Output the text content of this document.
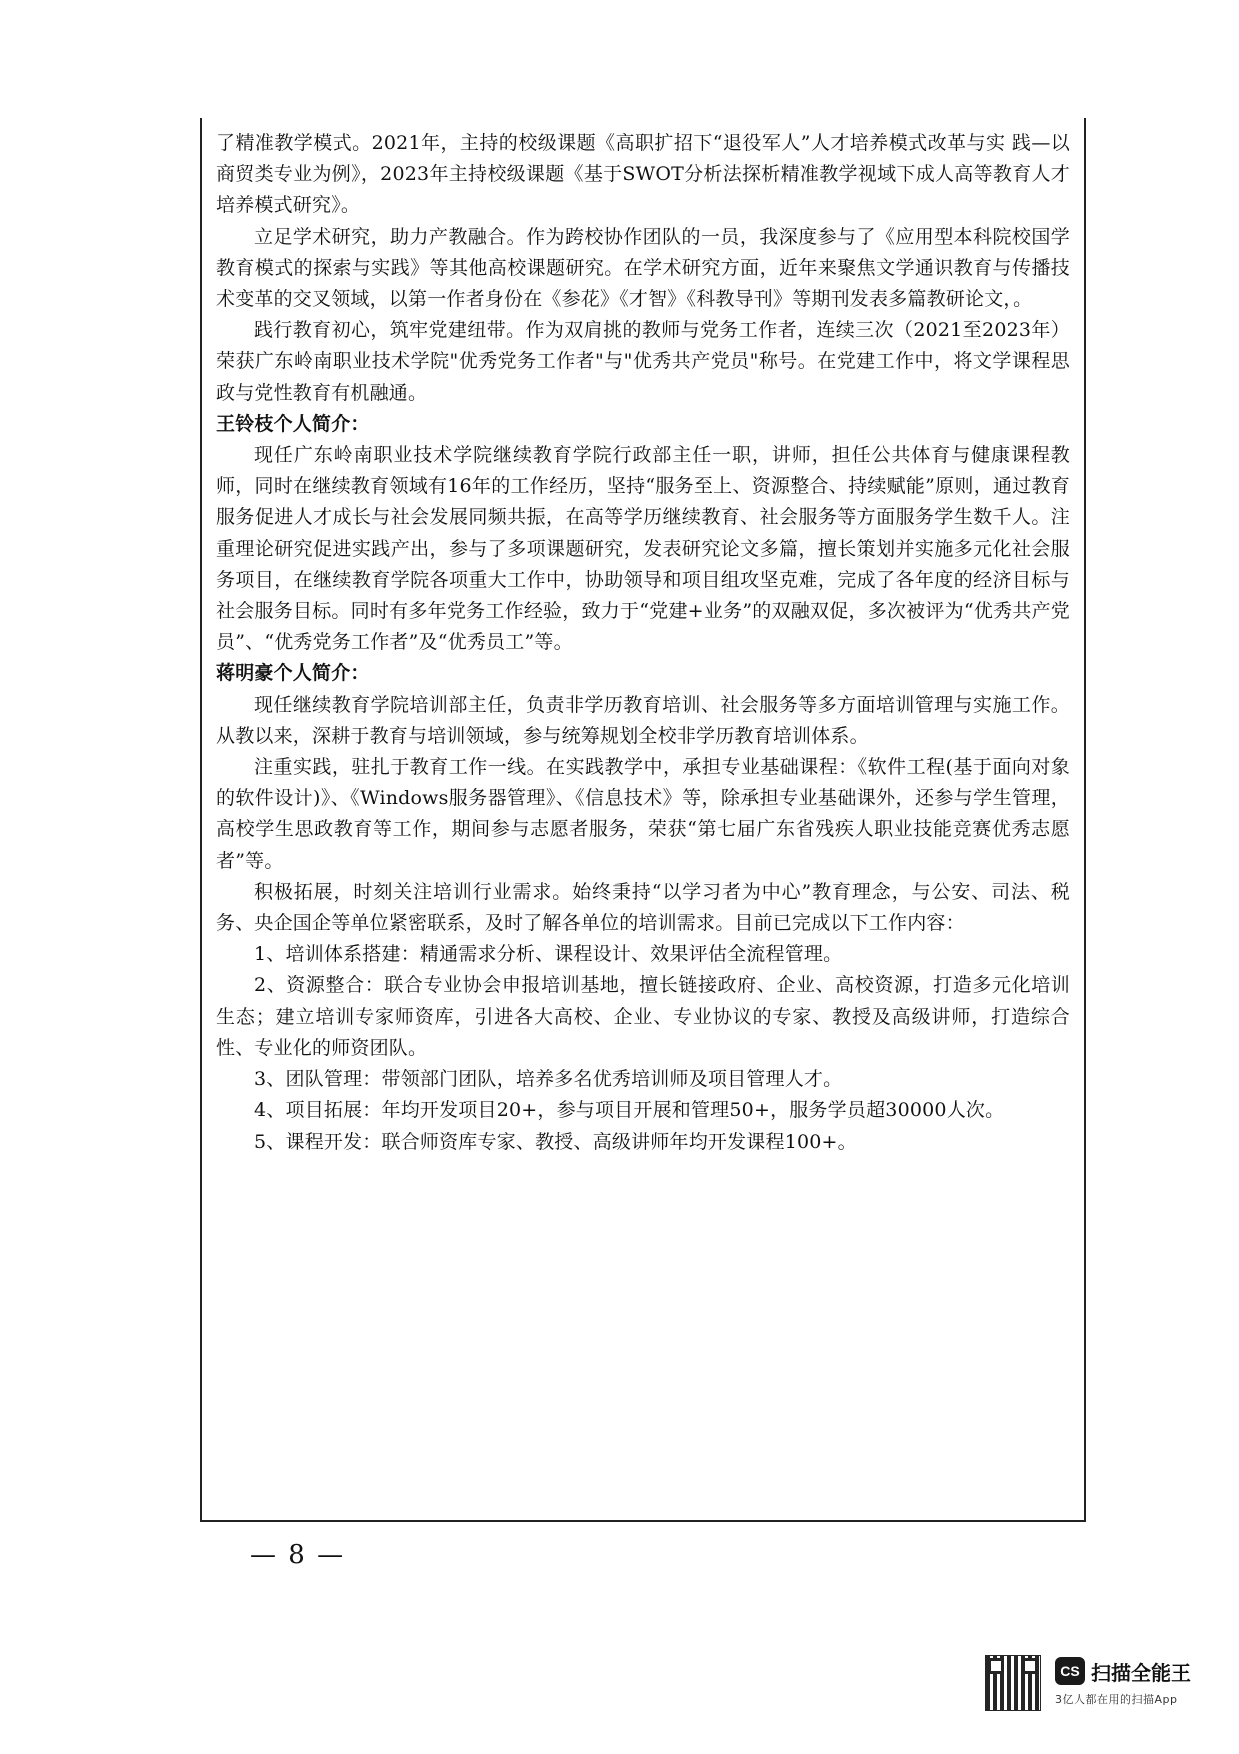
了精准教学模式。2021年，主持的校级课题《高职扩招下“退役军人”人才培养模式改革与实 践—以商贸类专业为例》，2023年主持校级课题《基于SWOT分析法探析精准教学视域下成人高等教育人才培养模式研究》。

立足学术研究，助力产教融合。作为跨校协作团队的一员，我深度参与了《应用型本科院校国学教育模式的探索与实践》等其他高校课题研究。在学术研究方面，近年来聚焦文学通识教育与传播技术变革的交叉领域，以第一作者身份在《参花》《才智》《科教导刊》等期刊发表多篇教研论文，。

践行教育初心，筑牢党建纽带。作为双肩挑的教师与党务工作者，连续三次（2021至2023年）荣获广东岭南职业技术学院"优秀党务工作者"与"优秀共产党员"称号。在党建工作中，将文学课程思政与党性教育有机融通。

王铃枝个人简介：

现任广东岭南职业技术学院继续教育学院行政部主任一职，讲师，担任公共体育与健康课程教师，同时在继续教育领域有16年的工作经历，坚持“服务至上、资源整合、持续赋能”原则，通过教育服务促进人才成长与社会发展同频共振，在高等学历继续教育、社会服务等方面服务学生数千人。注重理论研究促进实践产出，参与了多项课题研究，发表研究论文多篇，擅长策划并实施多元化社会服务项目，在继续教育学院各项重大工作中，协助领导和项目组攻坚克难，完成了各年度的经济目标与社会服务目标。同时有多年党务工作经验，致力于“党建+业务”的双融双促，多次被评为“优秀共产党员”、“优秀党务工作者”及“优秀员工”等。

蒋明豪个人简介：

现任继续教育学院培训部主任，负责非学历教育培训、社会服务等多方面培训管理与实施工作。从教以来，深耕于教育与培训领域，参与统筹规划全校非学历教育培训体系。

注重实践，驻扎于教育工作一线。在实践教学中，承担专业基础课程：《软件工程(基于面向对象的软件设计)》、《Windows服务器管理》、《信息技术》等，除承担专业基础课外，还参与学生管理，高校学生思政教育等工作，期间参与志愿者服务，荣获“第七届广东省残疾人职业技能竞赛优秀志愿者”等。

积极拓展，时刻关注培训行业需求。始终秉持“以学习者为中心”教育理念，与公安、司法、税务、央企国企等单位紧密联系，及时了解各单位的培训需求。目前已完成以下工作内容：

1、培训体系搭建：精通需求分析、课程设计、效果评估全流程管理。

2、资源整合：联合专业协会申报培训基地，擅长链接政府、企业、高校资源，打造多元化培训生态；建立培训专家师资库，引进各大高校、企业、专业协议的专家、教授及高级讲师，打造综合性、专业化的师资团队。

3、团队管理：带领部门团队，培养多名优秀培训师及项目管理人才。

4、项目拓展：年均开发项目20+，参与项目开展和管理50+，服务学员超30000人次。

5、课程开发：联合师资库专家、教授、高级讲师年均开发课程100+。

— 8 —
CS 扫描全能王
3亿人都在用的扫描App
